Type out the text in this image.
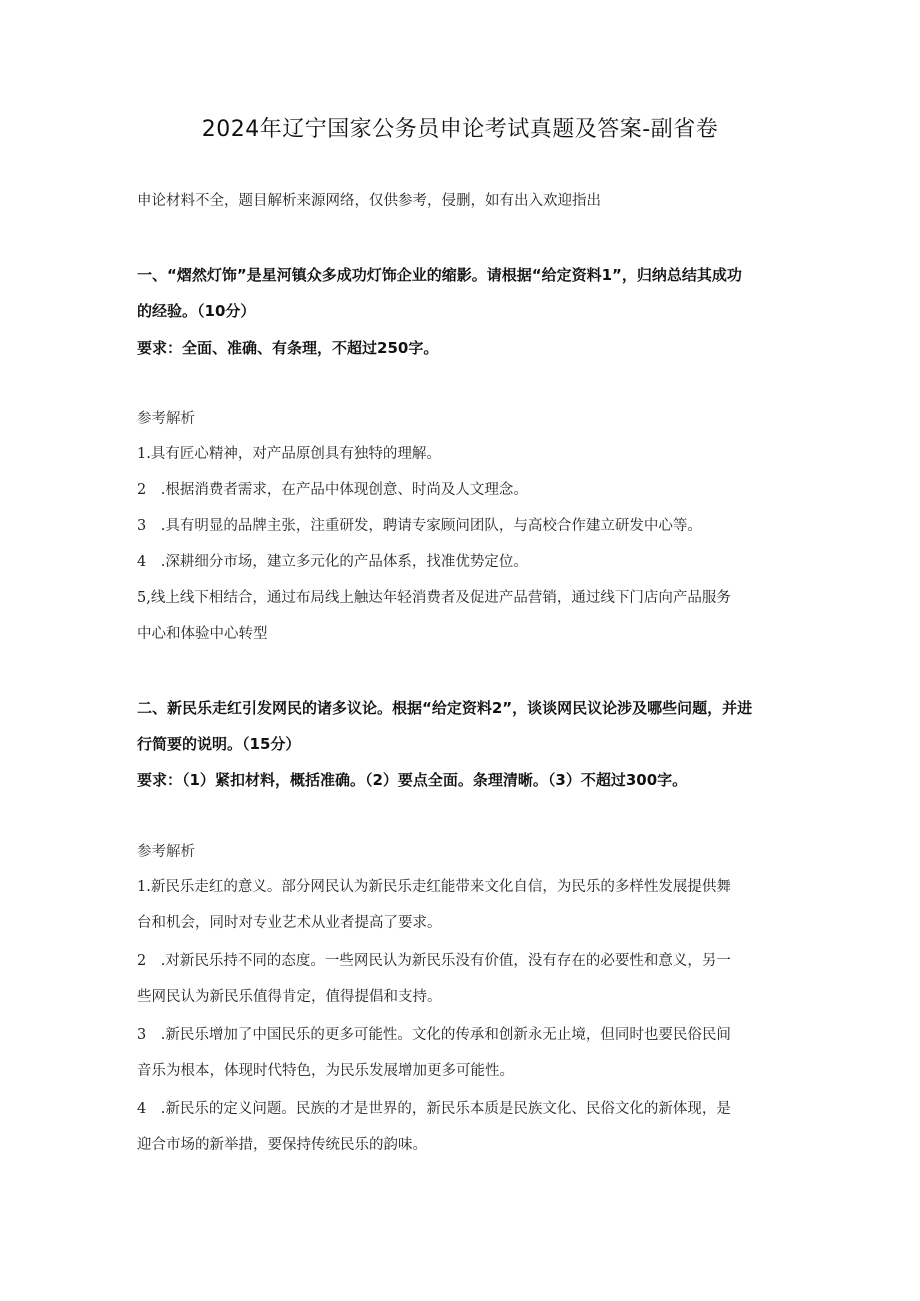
2024年辽宁国家公务员申论考试真题及答案-副省卷
申论材料不全，题目解析来源网络，仅供参考，侵删，如有出入欢迎指出
一、“熠然灯饰”是星河镇众多成功灯饰企业的缩影。请根据“给定资料1”，归纳总结其成功
的经验。（10分）
要求：全面、准确、有条理，不超过250字。
参考解析
1.具有匠心精神，对产品原创具有独特的理解。
2　.根据消费者需求，在产品中体现创意、时尚及人文理念。
3　.具有明显的品牌主张，注重研发，聘请专家顾问团队，与高校合作建立研发中心等。
4　.深耕细分市场，建立多元化的产品体系，找准优势定位。
5,线上线下相结合，通过布局线上触达年轻消费者及促进产品营销，通过线下门店向产品服务
中心和体验中心转型
二、新民乐走红引发网民的诸多议论。根据“给定资料2”，谈谈网民议论涉及哪些问题，并进
行简要的说明。（15分）
要求：（1）紧扣材料，概括准确。（2）要点全面。条理清晰。（3）不超过300字。
参考解析
1.新民乐走红的意义。部分网民认为新民乐走红能带来文化自信，为民乐的多样性发展提供舞
台和机会，同时对专业艺术从业者提高了要求。
2　.对新民乐持不同的态度。一些网民认为新民乐没有价值，没有存在的必要性和意义，另一
些网民认为新民乐值得肯定，值得提倡和支持。
3　.新民乐增加了中国民乐的更多可能性。文化的传承和创新永无止境，但同时也要民俗民间
音乐为根本，体现时代特色，为民乐发展增加更多可能性。
4　.新民乐的定义问题。民族的才是世界的，新民乐本质是民族文化、民俗文化的新体现，是
迎合市场的新举措，要保持传统民乐的韵味。
